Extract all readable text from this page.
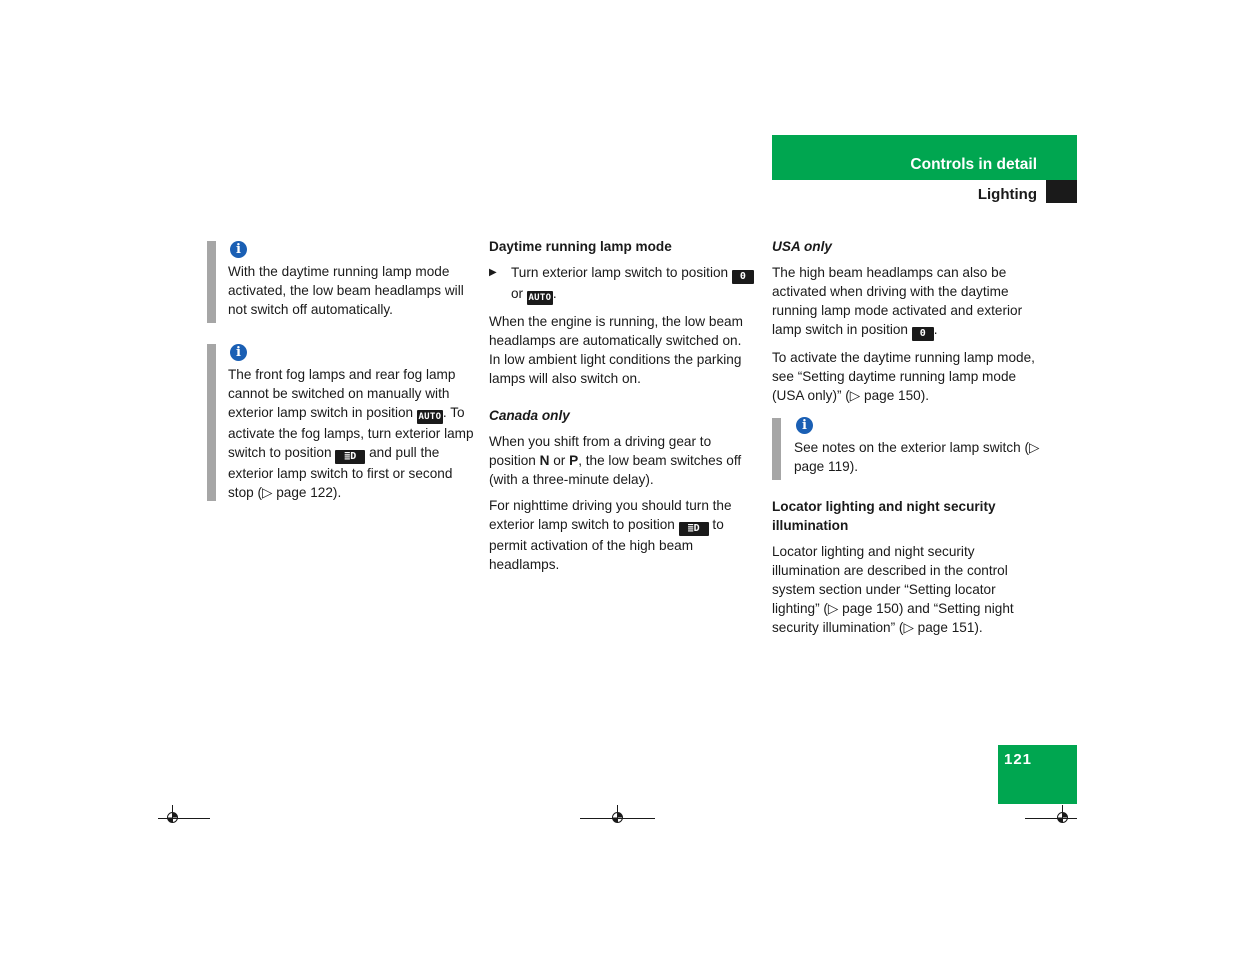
Controls in detail
Lighting
i

With the daytime running lamp mode activated, the low beam headlamps will not switch off automatically.

i

The front fog lamps and rear fog lamp cannot be switched on manually with exterior lamp switch in position AUTO . To activate the fog lamps, turn exterior lamp switch to position ≣D and pull the exterior lamp switch to first or second stop (▷ page 122).

Daytime running lamp mode

▶ Turn exterior lamp switch to position 0 or AUTO .

When the engine is running, the low beam headlamps are automatically switched on. In low ambient light conditions the parking lamps will also switch on.

Canada only

When you shift from a driving gear to position N or P, the low beam switches off (with a three-minute delay).

For nighttime driving you should turn the exterior lamp switch to position ≣D to permit activation of the high beam headlamps.

USA only

The high beam headlamps can also be activated when driving with the daytime running lamp mode activated and exterior lamp switch in position 0 .

To activate the daytime running lamp mode, see “Setting daytime running lamp mode (USA only)” (▷ page 150).

i

See notes on the exterior lamp switch (▷ page 119).

Locator lighting and night security illumination

Locator lighting and night security illumination are described in the control system section under “Setting locator lighting” (▷ page 150) and “Setting night security illumination” (▷ page 151).

121
